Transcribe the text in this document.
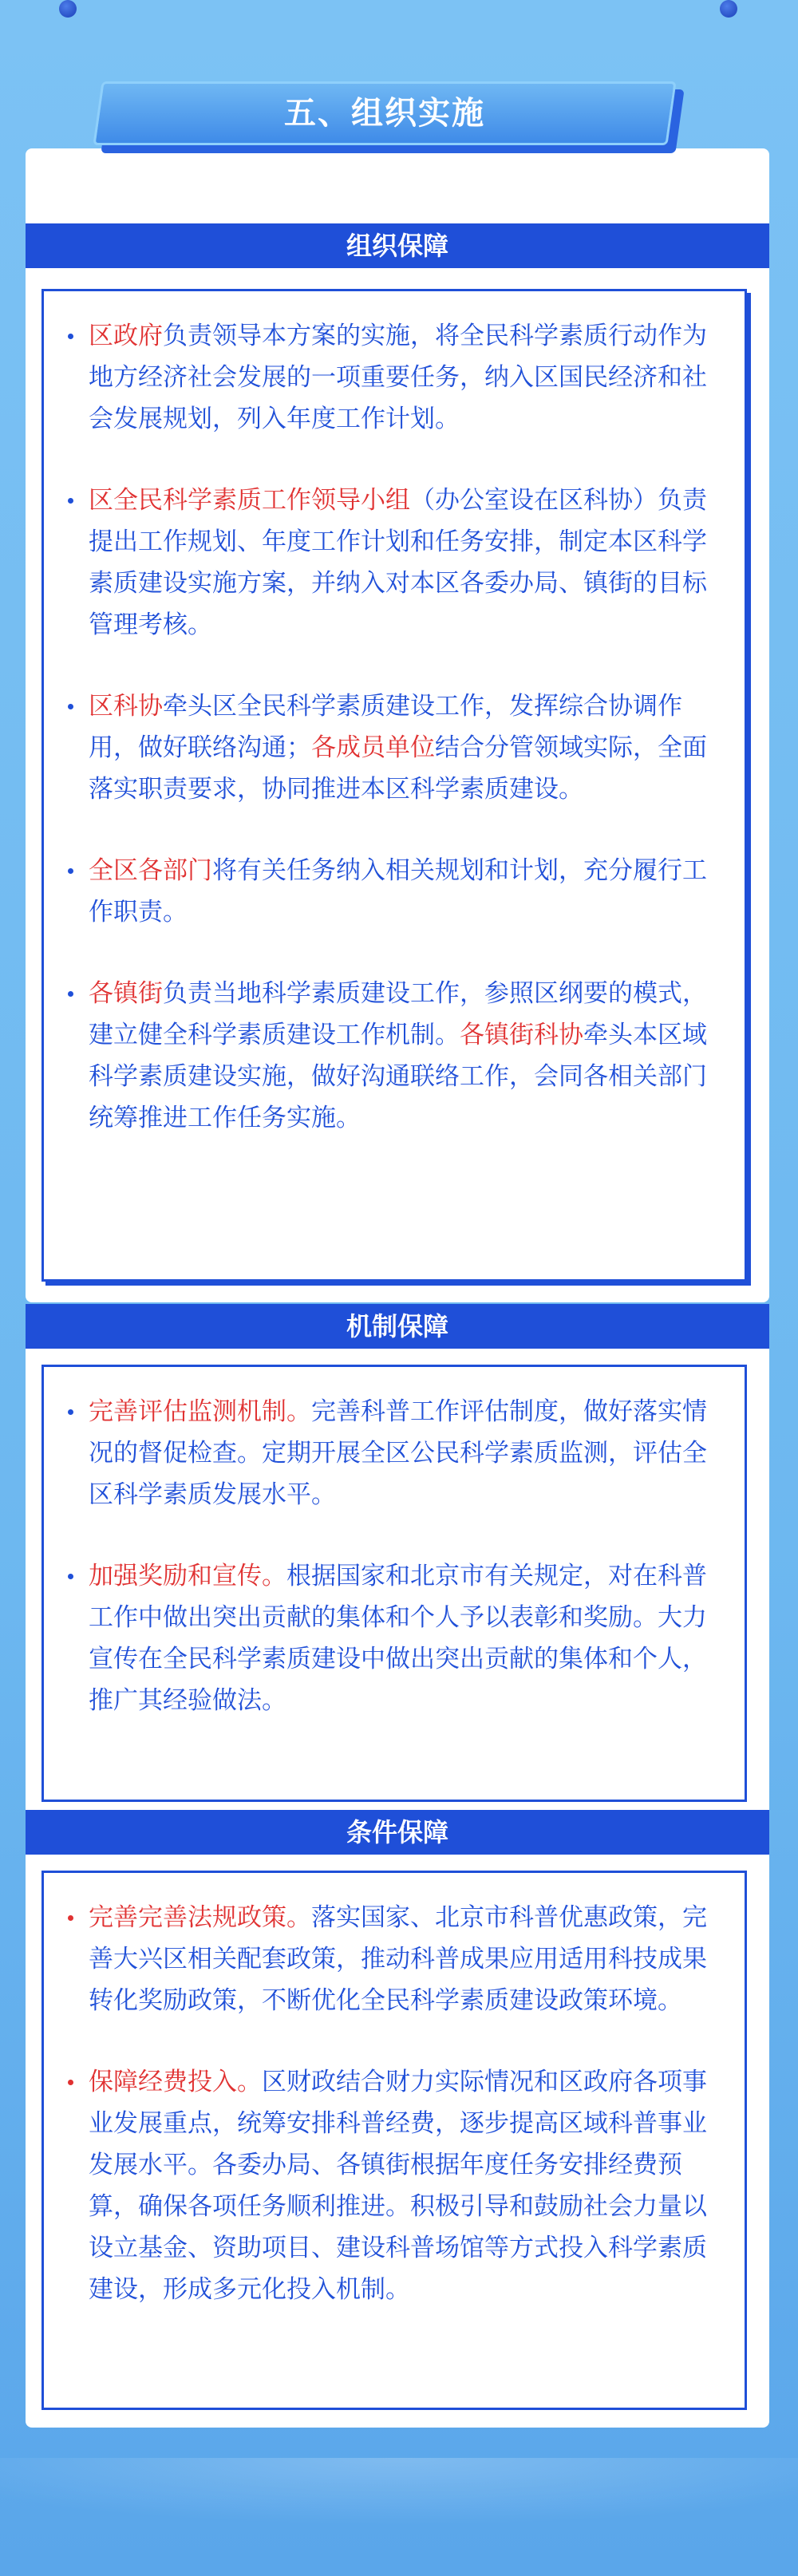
组织保障
区政府负责领导本方案的实施，将全民科学素质行动作为地方经济社会发展的一项重要任务，纳入区国民经济和社会发展规划，列入年度工作计划。
区全民科学素质工作领导小组（办公室设在区科协）负责提出工作规划、年度工作计划和任务安排，制定本区科学素质建设实施方案，并纳入对本区各委办局、镇街的目标管理考核。
区科协牵头区全民科学素质建设工作，发挥综合协调作用，做好联络沟通；各成员单位结合分管领域实际，全面落实职责要求，协同推进本区科学素质建设。
全区各部门将有关任务纳入相关规划和计划，充分履行工作职责。
各镇街负责当地科学素质建设工作，参照区纲要的模式，建立健全科学素质建设工作机制。各镇街科协牵头本区域科学素质建设实施，做好沟通联络工作，会同各相关部门统筹推进工作任务实施。
机制保障
完善评估监测机制。完善科普工作评估制度，做好落实情况的督促检查。定期开展全区公民科学素质监测，评估全区科学素质发展水平。
加强奖励和宣传。根据国家和北京市有关规定，对在科普工作中做出突出贡献的集体和个人予以表彰和奖励。大力宣传在全民科学素质建设中做出突出贡献的集体和个人，推广其经验做法。
条件保障
完善完善法规政策。落实国家、北京市科普优惠政策，完善大兴区相关配套政策，推动科普成果应用适用科技成果转化奖励政策，不断优化全民科学素质建设政策环境。
保障经费投入。区财政结合财力实际情况和区政府各项事业发展重点，统筹安排科普经费，逐步提高区域科普事业发展水平。各委办局、各镇街根据年度任务安排经费预算，确保各项任务顺利推进。积极引导和鼓励社会力量以设立基金、资助项目、建设科普场馆等方式投入科学素质建设，形成多元化投入机制。
五、组织实施
